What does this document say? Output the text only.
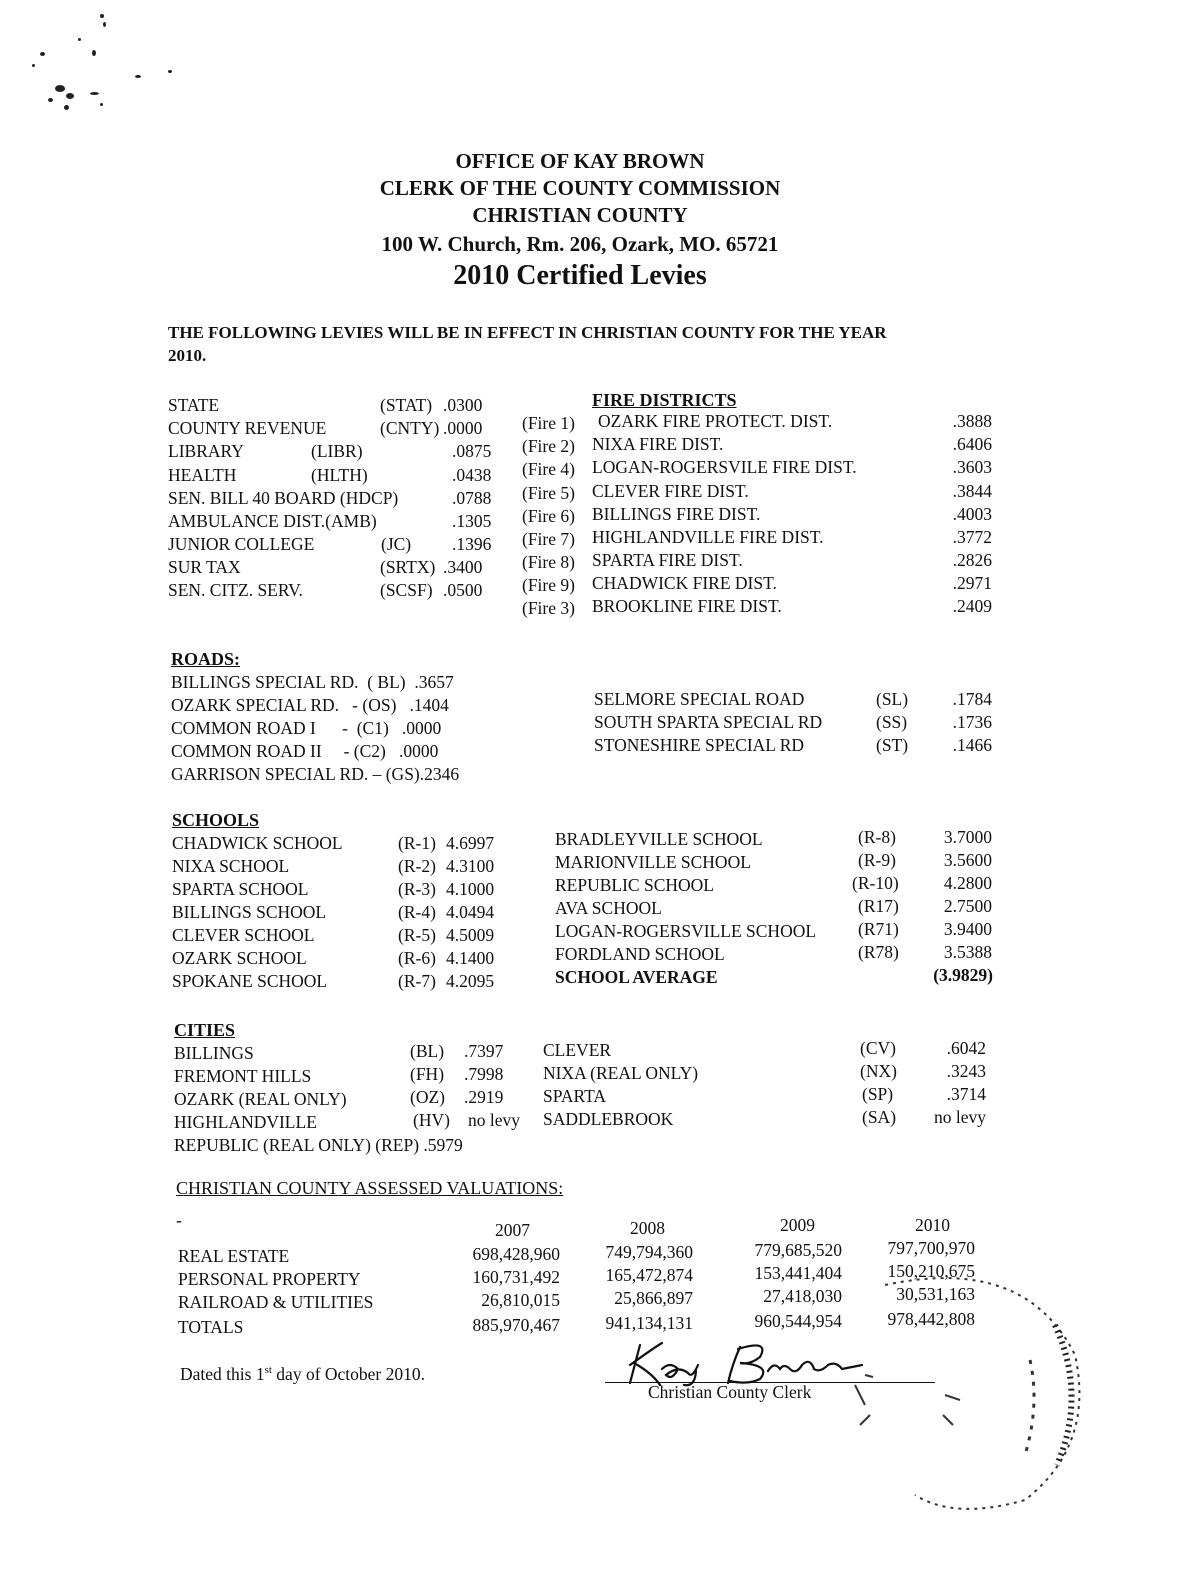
OFFICE OF KAY BROWN
CLERK OF THE COUNTY COMMISSION
CHRISTIAN COUNTY
100 W. Church, Rm. 206, Ozark, MO. 65721
2010 Certified Levies
THE FOLLOWING LEVIES WILL BE IN EFFECT IN CHRISTIAN COUNTY FOR THE YEAR
2010.
STATE	(STAT) .0300
COUNTY REVENUE	(CNTY) .0000
LIBRARY	(LIBR)	.0875
HEALTH	(HLTH)	.0438
SEN. BILL 40 BOARD (HDCP)	.0788
AMBULANCE DIST.(AMB)	.1305
JUNIOR COLLEGE	(JC) .1396
SUR TAX	(SRTX) .3400
SEN. CITZ. SERV.	(SCSF) .0500
FIRE DISTRICTS
(Fire 1) OZARK FIRE PROTECT. DIST.	.3888
(Fire 2) NIXA FIRE DIST.	.6406
(Fire 4) LOGAN-ROGERSVILE FIRE DIST.	.3603
(Fire 5) CLEVER FIRE DIST.	.3844
(Fire 6) BILLINGS FIRE DIST.	.4003
(Fire 7) HIGHLANDVILLE FIRE DIST.	.3772
(Fire 8) SPARTA FIRE DIST.	.2826
(Fire 9) CHADWICK FIRE DIST.	.2971
(Fire 3) BROOKLINE FIRE DIST.	.2409
ROADS:
BILLINGS SPECIAL RD.  ( BL)  .3657
OZARK SPECIAL RD.   - (OS)   .1404
COMMON ROAD I      -  (C1)   .0000
COMMON ROAD II     - (C2)   .0000
GARRISON SPECIAL RD. – (GS).2346
SELMORE SPECIAL ROAD	(SL)	.1784
SOUTH SPARTA SPECIAL RD	(SS)	.1736
STONESHIRE SPECIAL RD	(ST)	.1466
SCHOOLS
CHADWICK SCHOOL	(R-1) 4.6997
NIXA SCHOOL	(R-2) 4.3100
SPARTA SCHOOL	(R-3) 4.1000
BILLINGS SCHOOL	(R-4) 4.0494
CLEVER SCHOOL	(R-5) 4.5009
OZARK SCHOOL	(R-6) 4.1400
SPOKANE SCHOOL	(R-7) 4.2095
BRADLEYVILLE SCHOOL	(R-8)	3.7000
MARIONVILLE SCHOOL	(R-9)	3.5600
REPUBLIC SCHOOL	(R-10)	4.2800
AVA SCHOOL	(R17)	2.7500
LOGAN-ROGERSVILLE SCHOOL (R71)	3.9400
FORDLAND SCHOOL	(R78)	3.5388
SCHOOL AVERAGE	(3.9829)
CITIES
BILLINGS	(BL) .7397
FREMONT HILLS	(FH) .7998
OZARK (REAL ONLY)	(OZ) .2919
HIGHLANDVILLE	(HV) no levy
REPUBLIC (REAL ONLY) (REP) .5979
CLEVER	(CV)	.6042
NIXA (REAL ONLY)	(NX)	.3243
SPARTA	(SP)	.3714
SADDLEBROOK	(SA)	no levy
CHRISTIAN COUNTY ASSESSED VALUATIONS:
-	2007	2008	2009	2010
REAL ESTATE	698,428,960	749,794,360	779,685,520	797,700,970
PERSONAL PROPERTY	160,731,492	165,472,874	153,441,404	150,210,675
RAILROAD & UTILITIES	26,810,015	25,866,897	27,418,030	30,531,163
TOTALS	885,970,467	941,134,131	960,544,954	978,442,808
Dated this 1st day of October 2010.
Christian County Clerk
